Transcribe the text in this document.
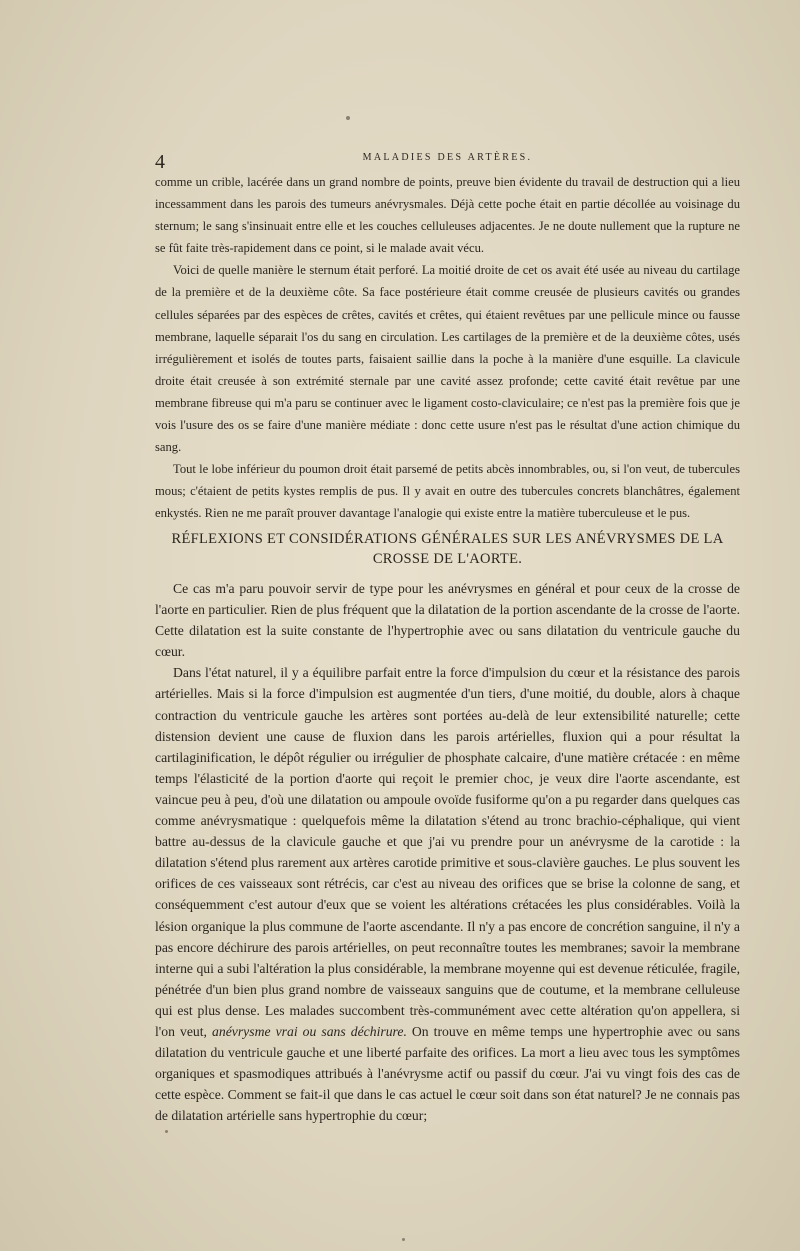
4	MALADIES DES ARTÈRES.

comme un crible, lacérée dans un grand nombre de points, preuve bien évidente du travail de destruction qui a lieu incessamment dans les parois des tumeurs anévrysmales. Déjà cette poche était en partie décollée au voisinage du sternum; le sang s'insinuait entre elle et les couches celluleuses adjacentes. Je ne doute nullement que la rupture ne se fût faite très-rapidement dans ce point, si le malade avait vécu.

Voici de quelle manière le sternum était perforé. La moitié droite de cet os avait été usée au niveau du cartilage de la première et de la deuxième côte. Sa face postérieure était comme creusée de plusieurs cavités ou grandes cellules séparées par des espèces de crêtes, cavités et crêtes, qui étaient revêtues par une pellicule mince ou fausse membrane, laquelle séparait l'os du sang en circulation. Les cartilages de la première et de la deuxième côtes, usés irrégulièrement et isolés de toutes parts, faisaient saillie dans la poche à la manière d'une esquille. La clavicule droite était creusée à son extrémité sternale par une cavité assez profonde; cette cavité était revêtue par une membrane fibreuse qui m'a paru se continuer avec le ligament costo-claviculaire; ce n'est pas la première fois que je vois l'usure des os se faire d'une manière médiate : donc cette usure n'est pas le résultat d'une action chimique du sang.

Tout le lobe inférieur du poumon droit était parsemé de petits abcès innombrables, ou, si l'on veut, de tubercules mous; c'étaient de petits kystes remplis de pus. Il y avait en outre des tubercules concrets blanchâtres, également enkystés. Rien ne me paraît prouver davantage l'analogie qui existe entre la matière tuberculeuse et le pus.

RÉFLEXIONS ET CONSIDÉRATIONS GÉNÉRALES SUR LES ANÉVRYSMES DE LA
CROSSE DE L'AORTE.

Ce cas m'a paru pouvoir servir de type pour les anévrysmes en général et pour ceux de la crosse de l'aorte en particulier. Rien de plus fréquent que la dilatation de la portion ascendante de la crosse de l'aorte. Cette dilatation est la suite constante de l'hypertrophie avec ou sans dilatation du ventricule gauche du cœur.

Dans l'état naturel, il y a équilibre parfait entre la force d'impulsion du cœur et la résistance des parois artérielles. Mais si la force d'impulsion est augmentée d'un tiers, d'une moitié, du double, alors à chaque contraction du ventricule gauche les artères sont portées au-delà de leur extensibilité naturelle; cette distension devient une cause de fluxion dans les parois artérielles, fluxion qui a pour résultat la cartilaginification, le dépôt régulier ou irrégulier de phosphate calcaire, d'une matière crétacée : en même temps l'élasticité de la portion d'aorte qui reçoit le premier choc, je veux dire l'aorte ascendante, est vaincue peu à peu, d'où une dilatation ou ampoule ovoïde fusiforme qu'on a pu regarder dans quelques cas comme anévrysmatique : quelquefois même la dilatation s'étend au tronc brachio-céphalique, qui vient battre au-dessus de la clavicule gauche et que j'ai vu prendre pour un anévrysme de la carotide : la dilatation s'étend plus rarement aux artères carotide primitive et sous-clavière gauches. Le plus souvent les orifices de ces vaisseaux sont rétrécis, car c'est au niveau des orifices que se brise la colonne de sang, et conséquemment c'est autour d'eux que se voient les altérations crétacées les plus considérables. Voilà la lésion organique la plus commune de l'aorte ascendante. Il n'y a pas encore de concrétion sanguine, il n'y a pas encore déchirure des parois artérielles, on peut reconnaître toutes les membranes; savoir la membrane interne qui a subi l'altération la plus considérable, la membrane moyenne qui est devenue réticulée, fragile, pénétrée d'un bien plus grand nombre de vaisseaux sanguins que de coutume, et la membrane celluleuse qui est plus dense. Les malades succombent très-communément avec cette altération qu'on appellera, si l'on veut, anévrysme vrai ou sans déchirure. On trouve en même temps une hypertrophie avec ou sans dilatation du ventricule gauche et une liberté parfaite des orifices. La mort a lieu avec tous les symptômes organiques et spasmodiques attribués à l'anévrysme actif ou passif du cœur. J'ai vu vingt fois des cas de cette espèce. Comment se fait-il que dans le cas actuel le cœur soit dans son état naturel? Je ne connais pas de dilatation artérielle sans hypertrophie du cœur;
